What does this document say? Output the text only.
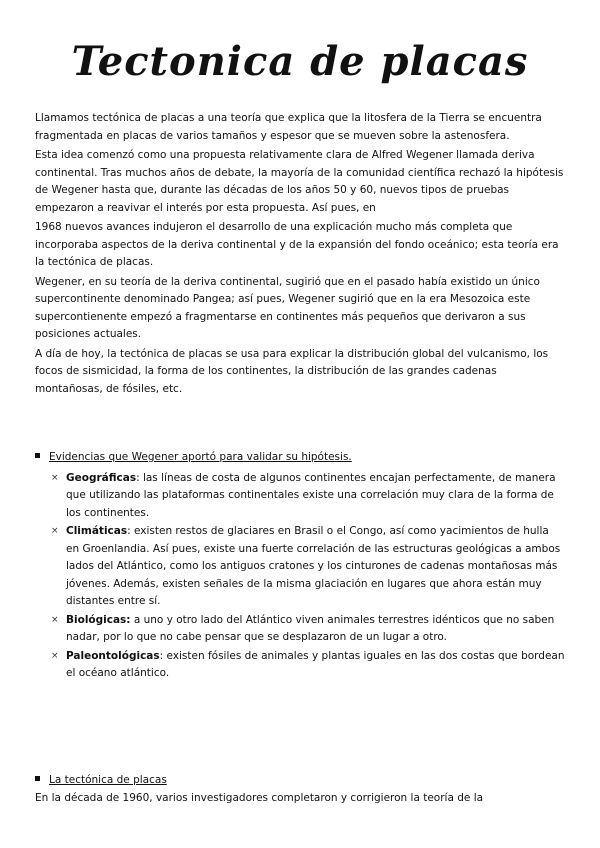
Tectonica de placas

Llamamos tectónica de placas a una teoría que explica que la litosfera de la Tierra se encuentra fragmentada en placas de varios tamaños y espesor que se mueven sobre la astenosfera.

Esta idea comenzó como una propuesta relativamente clara de Alfred Wegener llamada deriva continental. Tras muchos años de debate, la mayoría de la comunidad científica rechazó la hipótesis de Wegener hasta que, durante las décadas de los años 50 y 60, nuevos tipos de pruebas empezaron a reavivar el interés por esta propuesta. Así pues, en

1968 nuevos avances indujeron el desarrollo de una explicación mucho más completa que incorporaba aspectos de la deriva continental y de la expansión del fondo oceánico; esta teoría era la tectónica de placas.

Wegener, en su teoría de la deriva continental, sugirió que en el pasado había existido un único supercontinente denominado Pangea; así pues, Wegener sugirió que en la era Mesozoica este supercontienente empezó a fragmentarse en continentes más pequeños que derivaron a sus posiciones actuales.

A día de hoy, la tectónica de placas se usa para explicar la distribución global del vulcanismo, los focos de sismicidad, la forma de los continentes, la distribución de las grandes cadenas montañosas, de fósiles, etc.

Evidencias que Wegener aportó para validar su hipótesis.
× Geográficas: las líneas de costa de algunos continentes encajan perfectamente, de manera que utilizando las plataformas continentales existe una correlación muy clara de la forma de los continentes.
× Climáticas: existen restos de glaciares en Brasil o el Congo, así como yacimientos de hulla en Groenlandia. Así pues, existe una fuerte correlación de las estructuras geológicas a ambos lados del Atlántico, como los antiguos cratones y los cinturones de cadenas montañosas más jóvenes. Además, existen señales de la misma glaciación en lugares que ahora están muy distantes entre sí.
× Biológicas: a uno y otro lado del Atlántico viven animales terrestres idénticos que no saben nadar, por lo que no cabe pensar que se desplazaron de un lugar a otro.
× Paleontológicas: existen fósiles de animales y plantas iguales en las dos costas que bordean el océano atlántico.
La tectónica de placas
En la década de 1960, varios investigadores completaron y corrigieron la teoría de la
